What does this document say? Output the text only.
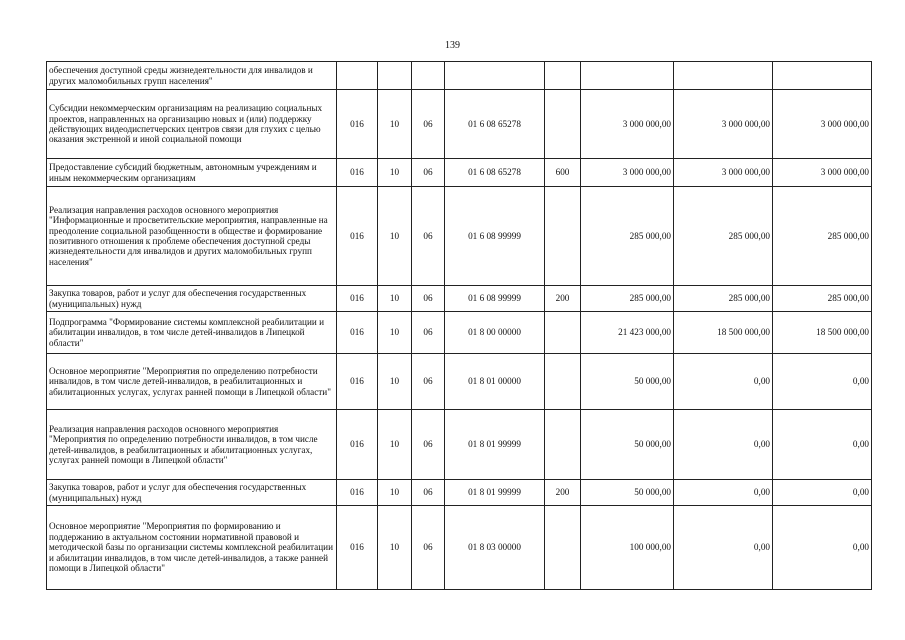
139
обеспечения доступной среды жизнедеятельности для инвалидов и других маломобильных групп населения"								
Субсидии некоммерческим организациям на реализацию социальных проектов, направленных на организацию новых и (или) поддержку действующих видеодиспетчерских центров связи для глухих с целью оказания экстренной и иной социальной помощи	016	10	06	01 6 08 65278		3 000 000,00	3 000 000,00	3 000 000,00
Предоставление субсидий бюджетным, автономным учреждениям и иным некоммерческим организациям	016	10	06	01 6 08 65278	600	3 000 000,00	3 000 000,00	3 000 000,00
Реализация направления расходов основного мероприятия "Информационные и просветительские мероприятия, направленные на преодоление социальной разобщенности в обществе и формирование позитивного отношения к проблеме обеспечения доступной среды жизнедеятельности для инвалидов и других маломобильных групп населения"	016	10	06	01 6 08 99999		285 000,00	285 000,00	285 000,00
Закупка товаров, работ и услуг для обеспечения государственных (муниципальных) нужд	016	10	06	01 6 08 99999	200	285 000,00	285 000,00	285 000,00
Подпрограмма "Формирование системы комплексной реабилитации и абилитации инвалидов, в том числе детей-инвалидов в Липецкой области"	016	10	06	01 8 00 00000		21 423 000,00	18 500 000,00	18 500 000,00
Основное мероприятие "Мероприятия по определению потребности инвалидов, в том числе детей-инвалидов, в реабилитационных и абилитационных услугах, услугах ранней помощи в Липецкой области"	016	10	06	01 8 01 00000		50 000,00	0,00	0,00
Реализация направления расходов основного мероприятия "Мероприятия по определению потребности инвалидов, в том числе детей-инвалидов, в реабилитационных и абилитационных услугах, услугах ранней помощи в Липецкой области"	016	10	06	01 8 01 99999		50 000,00	0,00	0,00
Закупка товаров, работ и услуг для обеспечения государственных (муниципальных) нужд	016	10	06	01 8 01 99999	200	50 000,00	0,00	0,00
Основное мероприятие "Мероприятия по формированию и поддержанию в актуальном состоянии нормативной правовой и методической базы по организации системы комплексной реабилитации и абилитации инвалидов, в том числе детей-инвалидов, а также ранней помощи в Липецкой области"	016	10	06	01 8 03 00000		100 000,00	0,00	0,00
